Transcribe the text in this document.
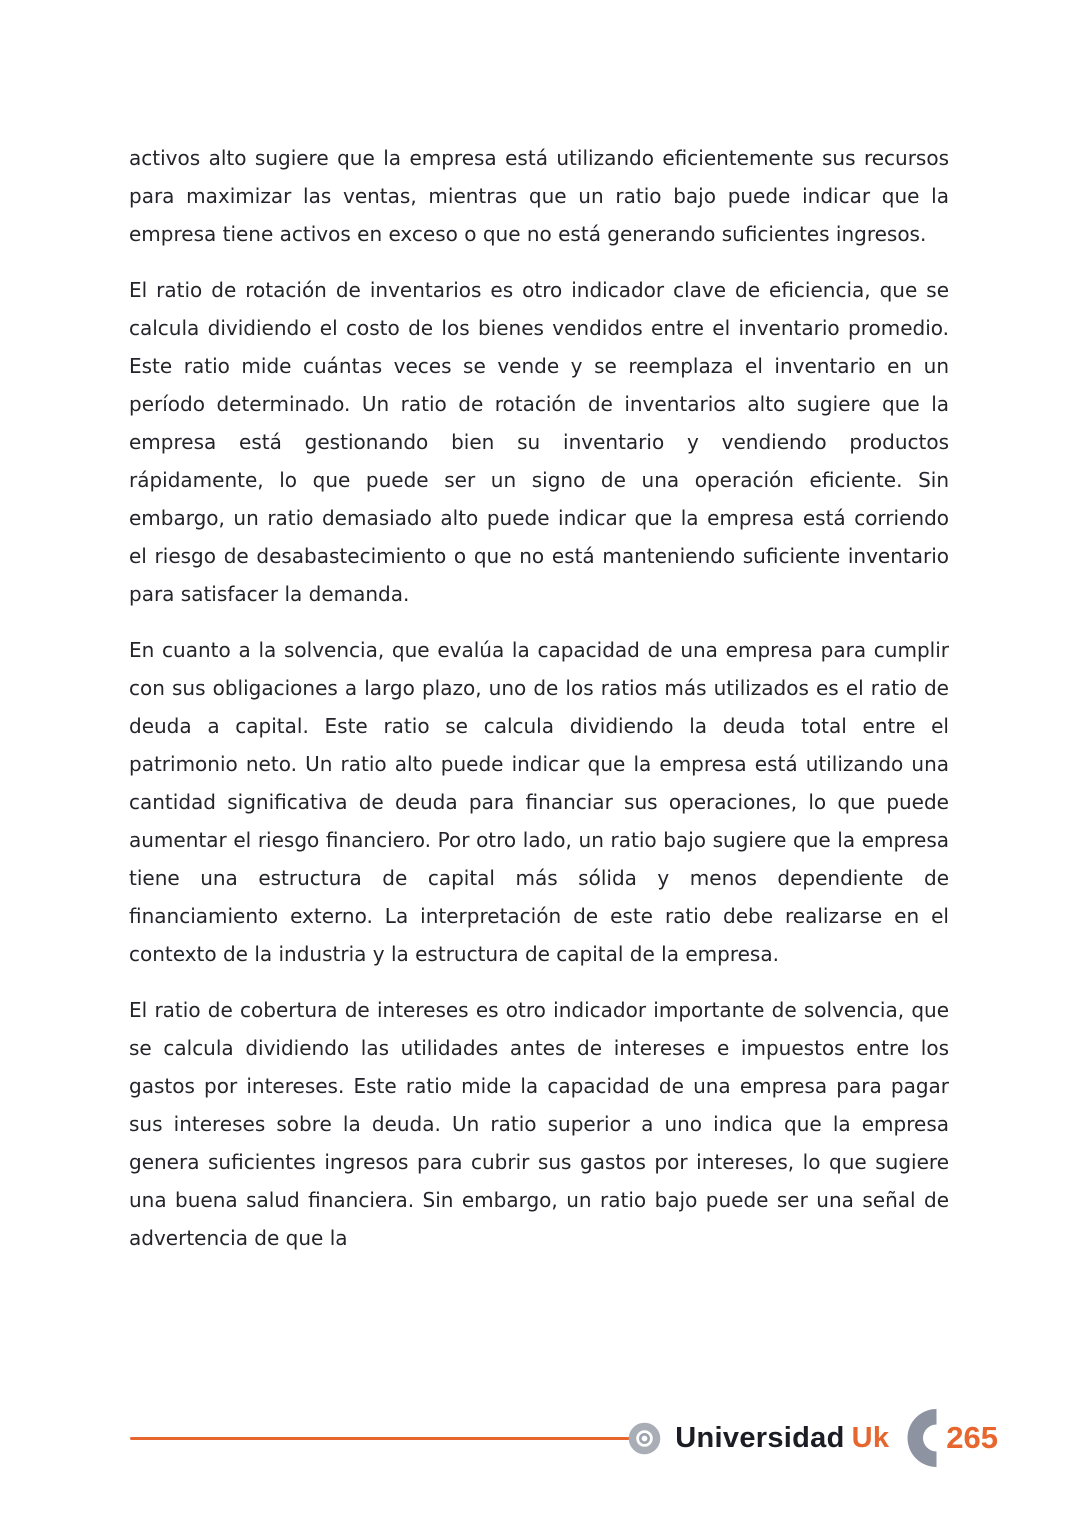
activos alto sugiere que la empresa está utilizando eficientemente sus recursos para maximizar las ventas, mientras que un ratio bajo puede indicar que la empresa tiene activos en exceso o que no está generando suficientes ingresos.

El ratio de rotación de inventarios es otro indicador clave de eficiencia, que se calcula dividiendo el costo de los bienes vendidos entre el inventario promedio. Este ratio mide cuántas veces se vende y se reemplaza el inventario en un período determinado. Un ratio de rotación de inventarios alto sugiere que la empresa está gestionando bien su inventario y vendiendo productos rápidamente, lo que puede ser un signo de una operación eficiente. Sin embargo, un ratio demasiado alto puede indicar que la empresa está corriendo el riesgo de desabastecimiento o que no está manteniendo suficiente inventario para satisfacer la demanda.

En cuanto a la solvencia, que evalúa la capacidad de una empresa para cumplir con sus obligaciones a largo plazo, uno de los ratios más utilizados es el ratio de deuda a capital. Este ratio se calcula dividiendo la deuda total entre el patrimonio neto. Un ratio alto puede indicar que la empresa está utilizando una cantidad significativa de deuda para financiar sus operaciones, lo que puede aumentar el riesgo financiero. Por otro lado, un ratio bajo sugiere que la empresa tiene una estructura de capital más sólida y menos dependiente de financiamiento externo. La interpretación de este ratio debe realizarse en el contexto de la industria y la estructura de capital de la empresa.

El ratio de cobertura de intereses es otro indicador importante de solvencia, que se calcula dividiendo las utilidades antes de intereses e impuestos entre los gastos por intereses. Este ratio mide la capacidad de una empresa para pagar sus intereses sobre la deuda. Un ratio superior a uno indica que la empresa genera suficientes ingresos para cubrir sus gastos por intereses, lo que sugiere una buena salud financiera. Sin embargo, un ratio bajo puede ser una señal de advertencia de que la

Universidad Uk 265
